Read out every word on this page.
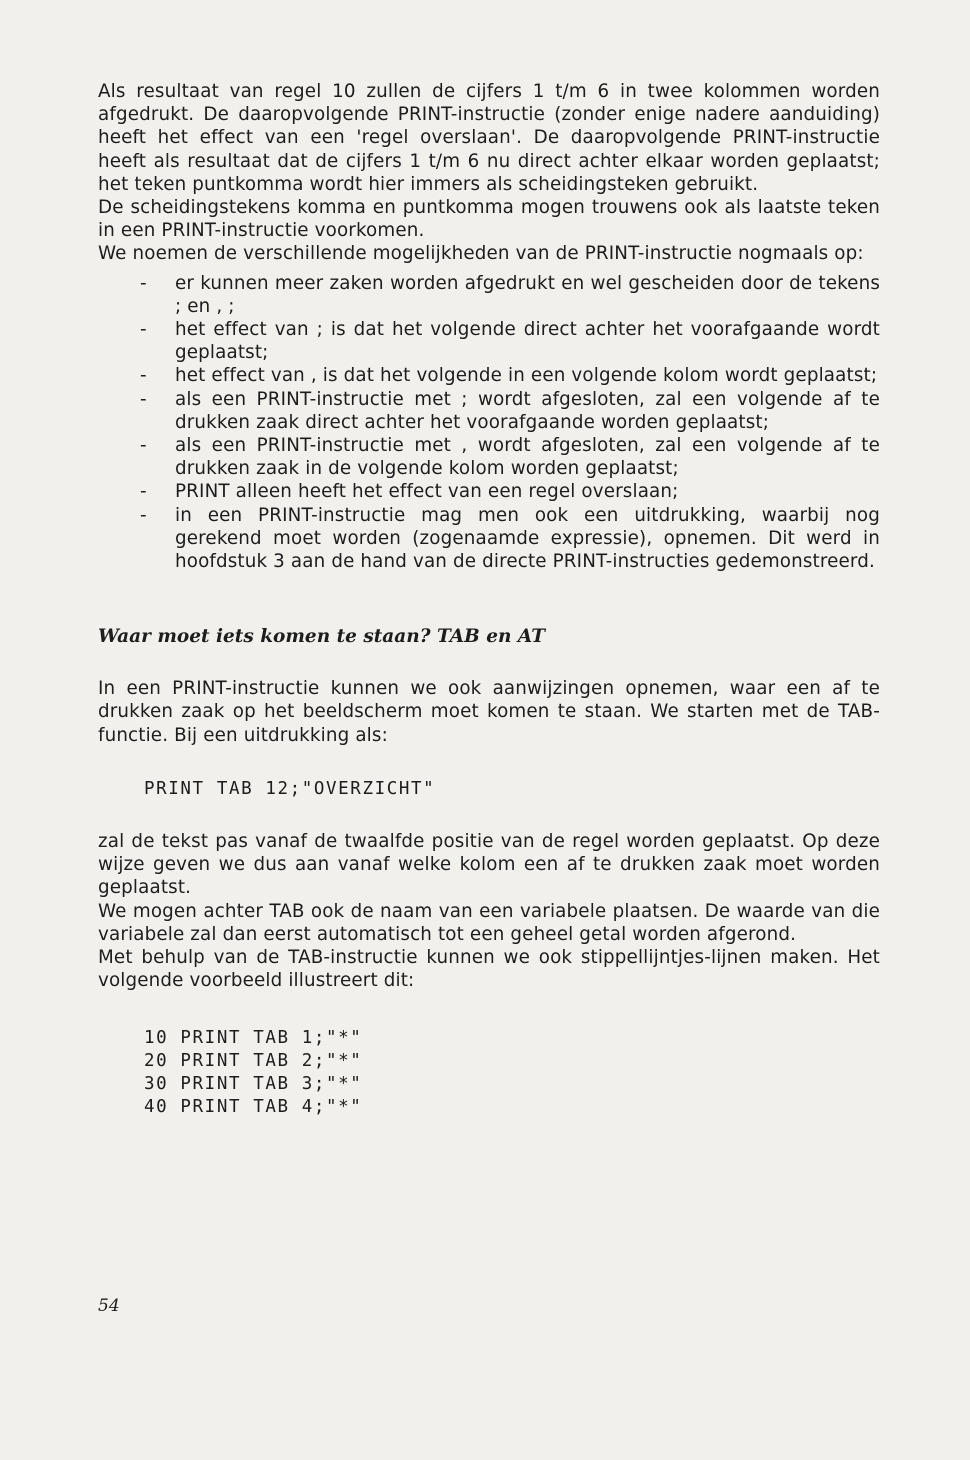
Als resultaat van regel 10 zullen de cijfers 1 t/m 6 in twee kolommen worden afgedrukt. De daaropvolgende PRINT-instructie (zonder enige nadere aanduiding) heeft het effect van een 'regel overslaan'. De daaropvolgende PRINT-instructie heeft als resultaat dat de cijfers 1 t/m 6 nu direct achter elkaar worden geplaatst; het teken puntkomma wordt hier immers als scheidingsteken gebruikt.

De scheidingstekens komma en puntkomma mogen trouwens ook als laatste teken in een PRINT-instructie voorkomen.

We noemen de verschillende mogelijkheden van de PRINT-instructie nogmaals op:

- er kunnen meer zaken worden afgedrukt en wel gescheiden door de tekens ; en , ;
- het effect van ; is dat het volgende direct achter het voorafgaande wordt geplaatst;
- het effect van , is dat het volgende in een volgende kolom wordt geplaatst;
- als een PRINT-instructie met ; wordt afgesloten, zal een volgende af te drukken zaak direct achter het voorafgaande worden geplaatst;
- als een PRINT-instructie met , wordt afgesloten, zal een volgende af te drukken zaak in de volgende kolom worden geplaatst;
- PRINT alleen heeft het effect van een regel overslaan;
- in een PRINT-instructie mag men ook een uitdrukking, waarbij nog gerekend moet worden (zogenaamde expressie), opnemen. Dit werd in hoofdstuk 3 aan de hand van de directe PRINT-instructies gedemonstreerd.
Waar moet iets komen te staan? TAB en AT

In een PRINT-instructie kunnen we ook aanwijzingen opnemen, waar een af te drukken zaak op het beeldscherm moet komen te staan. We starten met de TAB-functie. Bij een uitdrukking als:

PRINT TAB 12;"OVERZICHT"

zal de tekst pas vanaf de twaalfde positie van de regel worden geplaatst. Op deze wijze geven we dus aan vanaf welke kolom een af te drukken zaak moet worden geplaatst.

We mogen achter TAB ook de naam van een variabele plaatsen. De waarde van die variabele zal dan eerst automatisch tot een geheel getal worden afgerond.

Met behulp van de TAB-instructie kunnen we ook stippellijntjes-lijnen maken. Het volgende voorbeeld illustreert dit:

10 PRINT TAB 1;"*"
20 PRINT TAB 2;"*"
30 PRINT TAB 3;"*"
40 PRINT TAB 4;"*"
54
